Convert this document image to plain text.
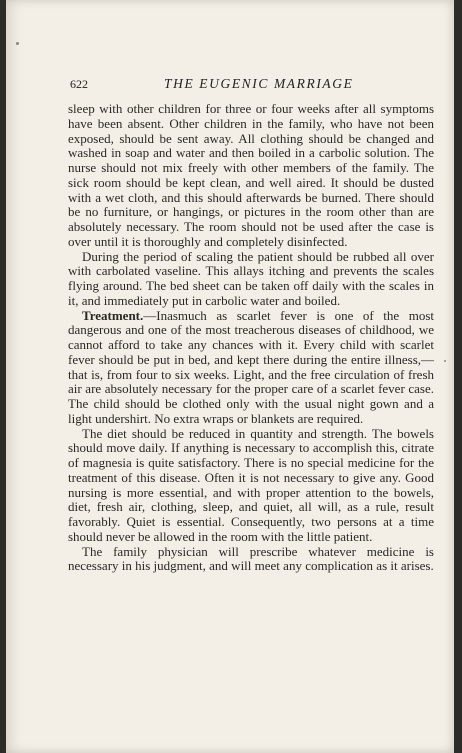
622	THE EUGENIC MARRIAGE

sleep with other children for three or four weeks after all symptoms have been absent. Other children in the family, who have not been exposed, should be sent away. All clothing should be changed and washed in soap and water and then boiled in a carbolic solution. The nurse should not mix freely with other members of the family. The sick room should be kept clean, and well aired. It should be dusted with a wet cloth, and this should afterwards be burned. There should be no furniture, or hangings, or pictures in the room other than are absolutely necessary. The room should not be used after the case is over until it is thoroughly and completely disinfected.

During the period of scaling the patient should be rubbed all over with carbolated vaseline. This allays itching and prevents the scales flying around. The bed sheet can be taken off daily with the scales in it, and immediately put in carbolic water and boiled.

Treatment.—Inasmuch as scarlet fever is one of the most dangerous and one of the most treacherous diseases of childhood, we cannot afford to take any chances with it. Every child with scarlet fever should be put in bed, and kept there during the entire illness,—that is, from four to six weeks. Light, and the free circulation of fresh air are absolutely necessary for the proper care of a scarlet fever case. The child should be clothed only with the usual night gown and a light undershirt. No extra wraps or blankets are required.

The diet should be reduced in quantity and strength. The bowels should move daily. If anything is necessary to accomplish this, citrate of magnesia is quite satisfactory. There is no special medicine for the treatment of this disease. Often it is not necessary to give any. Good nursing is more essential, and with proper attention to the bowels, diet, fresh air, clothing, sleep, and quiet, all will, as a rule, result favorably. Quiet is essential. Consequently, two persons at a time should never be allowed in the room with the little patient.

The family physician will prescribe whatever medicine is necessary in his judgment, and will meet any complication as it arises.
